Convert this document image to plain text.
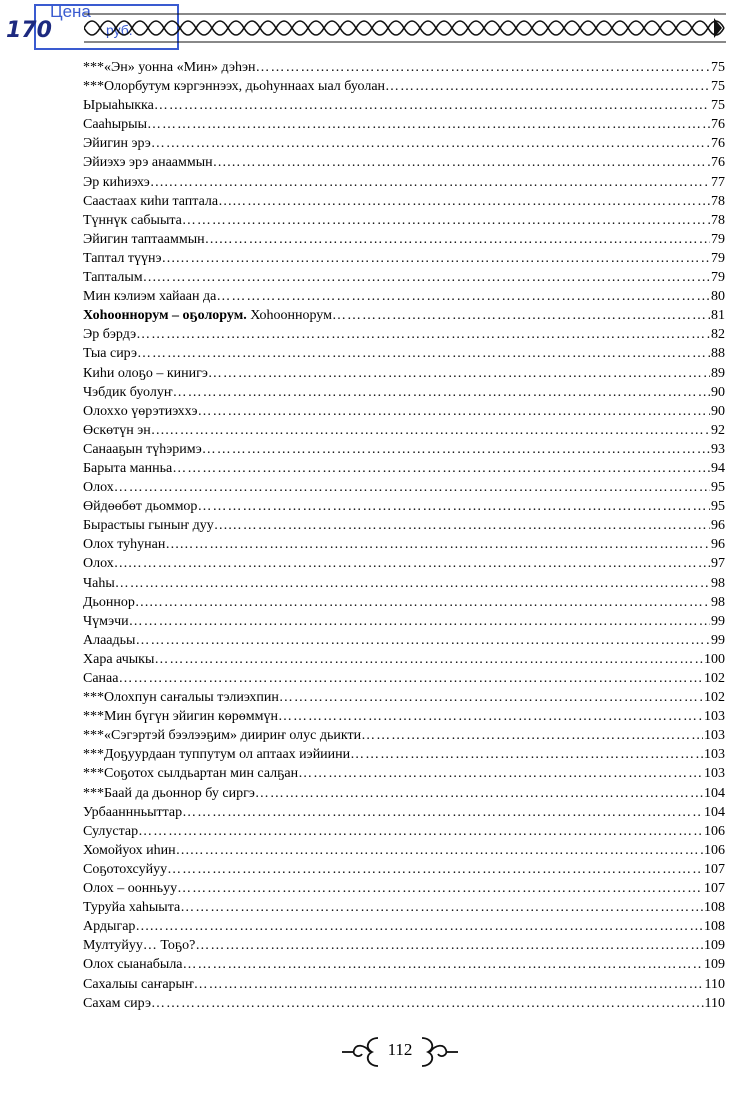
Цена
руб.
170
***«Эн» уонна «Мин» дэһэн ……………………………………………………………………………………………………………………………………………………………………………………………	75
***Олорбутум кэргэннээх, дьоһуннаах ыал буолан ……………………………………………………………………………………………………………………………………………………………………………………………	75
Ырыаһыкка ……………………………………………………………………………………………………………………………………………………………………………………………	75
Сааһырыы ……………………………………………………………………………………………………………………………………………………………………………………………	76
Эйигин эрэ ……………………………………………………………………………………………………………………………………………………………………………………………	76
Эйиэхэ эрэ анааммын… ……………………………………………………………………………………………………………………………………………………………………………………………	76
Эр киһиэхэ… ……………………………………………………………………………………………………………………………………………………………………………………………	77
Саастаах киһи таптала… ……………………………………………………………………………………………………………………………………………………………………………………………	78
Түннүк сабыыта ……………………………………………………………………………………………………………………………………………………………………………………………	78
Эйигин таптааммын… ……………………………………………………………………………………………………………………………………………………………………………………………	79
Таптал түүнэ… ……………………………………………………………………………………………………………………………………………………………………………………………	79
Тапталым… ……………………………………………………………………………………………………………………………………………………………………………………………	79
Мин кэлиэм хайаан да ……………………………………………………………………………………………………………………………………………………………………………………………	80
Хоһооннорум – оҕолорум. Хоһооннорум ……………………………………………………………………………………………………………………………………………………………………………………………	81
Эр бэрдэ ……………………………………………………………………………………………………………………………………………………………………………………………	82
Тыа сирэ ……………………………………………………………………………………………………………………………………………………………………………………………	88
Киһи олоҕо – кинигэ ……………………………………………………………………………………………………………………………………………………………………………………………	89
Чэбдик буолуҥ ……………………………………………………………………………………………………………………………………………………………………………………………	90
Олохxо үөрэтиэххэ ……………………………………………………………………………………………………………………………………………………………………………………………	90
Өскөтүн эн… ……………………………………………………………………………………………………………………………………………………………………………………………	92
Санааҕын түһэримэ ……………………………………………………………………………………………………………………………………………………………………………………………	93
Барыта манньа ……………………………………………………………………………………………………………………………………………………………………………………………	94
Олох ……………………………………………………………………………………………………………………………………………………………………………………………	95
Өйдөөбөт дьоммор ……………………………………………………………………………………………………………………………………………………………………………………………	95
Бырастыы гыныҥ дуу… ……………………………………………………………………………………………………………………………………………………………………………………………	96
Олох туһунан… ……………………………………………………………………………………………………………………………………………………………………………………………	96
Олох… ……………………………………………………………………………………………………………………………………………………………………………………………	97
Чаһы ……………………………………………………………………………………………………………………………………………………………………………………………	98
Дьоннор… ……………………………………………………………………………………………………………………………………………………………………………………………	98
Чүмэчи ……………………………………………………………………………………………………………………………………………………………………………………………	99
Алаадьы ……………………………………………………………………………………………………………………………………………………………………………………………	99
Хара ачыкы ……………………………………………………………………………………………………………………………………………………………………………………………	100
Санаа ……………………………………………………………………………………………………………………………………………………………………………………………	102
***Олохпун саҥалыы тэлиэхпин ……………………………………………………………………………………………………………………………………………………………………………………………	102
***Мин бүгүн эйигин көрөммүн ……………………………………………………………………………………………………………………………………………………………………………………………	103
***«Сэгэртэй бээлээҕим» диириҥ олус дьикти ……………………………………………………………………………………………………………………………………………………………………………………………	103
***Доҕуурдаан туппутум ол аптаах иэйиини ……………………………………………………………………………………………………………………………………………………………………………………………	103
***Соҕотох сылдьартан мин салҕан ……………………………………………………………………………………………………………………………………………………………………………………………	103
***Баай да дьоннор бу сиргэ ……………………………………………………………………………………………………………………………………………………………………………………………	104
Урбааннньыттар ……………………………………………………………………………………………………………………………………………………………………………………………	104
Сулустар ……………………………………………………………………………………………………………………………………………………………………………………………	106
Хомойуох иһин… ……………………………………………………………………………………………………………………………………………………………………………………………	106
Соҕотохсуйуу ……………………………………………………………………………………………………………………………………………………………………………………………	107
Олох – оонньуу ……………………………………………………………………………………………………………………………………………………………………………………………	107
Туруйа хаһыыта ……………………………………………………………………………………………………………………………………………………………………………………………	108
Ардыгар… ……………………………………………………………………………………………………………………………………………………………………………………………	108
Мултуйуу… Тоҕо? ……………………………………………………………………………………………………………………………………………………………………………………………	109
Олох сыанабыла ……………………………………………………………………………………………………………………………………………………………………………………………	109
Сахалыы саҥарыҥ ……………………………………………………………………………………………………………………………………………………………………………………………	110
Сахам сирэ ……………………………………………………………………………………………………………………………………………………………………………………………	110
112
